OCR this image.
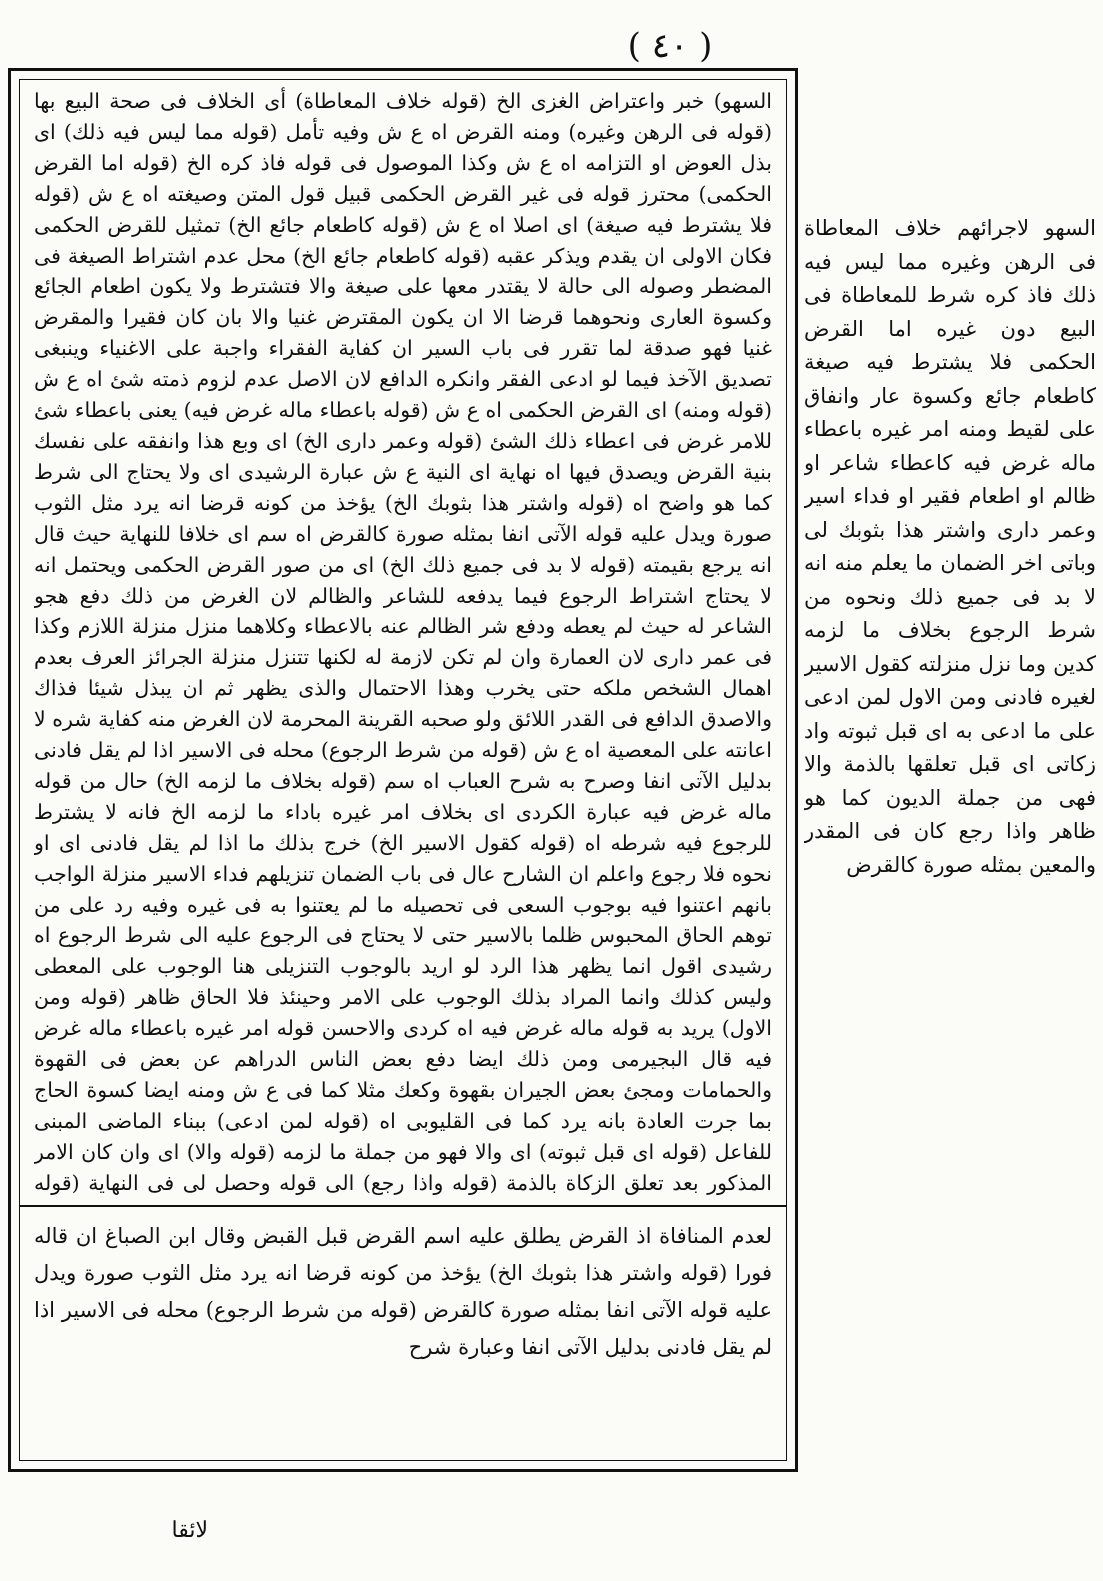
( ٤٠ )
السهو) خبر واعتراض الغزى الخ (قوله خلاف المعاطاة) أى الخلاف فى صحة البيع بها (قوله فى الرهن وغيره) ومنه القرض اه ع ش وفيه تأمل (قوله مما ليس فيه ذلك) اى بذل العوض او التزامه اه ع ش وكذا الموصول فى قوله فاذ كره الخ (قوله اما القرض الحكمى) محترز قوله فى غير القرض الحكمى قبيل قول المتن وصيغته اه ع ش (قوله فلا يشترط فيه صيغة) اى اصلا اه ع ش (قوله كاطعام جائع الخ) تمثيل للقرض الحكمى فكان الاولى ان يقدم ويذكر عقبه (قوله كاطعام جائع الخ) محل عدم اشتراط الصيغة فى المضطر وصوله الى حالة لا يقتدر معها على صيغة والا فتشترط ولا يكون اطعام الجائع وكسوة العارى ونحوهما قرضا الا ان يكون المقترض غنيا والا بان كان فقيرا والمقرض غنيا فهو صدقة لما تقرر فى باب السير ان كفاية الفقراء واجبة على الاغنياء وينبغى تصديق الآخذ فيما لو ادعى الفقر وانكره الدافع لان الاصل عدم لزوم ذمته شئ اه ع ش (قوله ومنه) اى القرض الحكمى اه ع ش (قوله باعطاء ماله غرض فيه) يعنى باعطاء شئ للامر غرض فى اعطاء ذلك الشئ (قوله وعمر دارى الخ) اى وبع هذا وانفقه على نفسك بنية القرض ويصدق فيها اه نهاية اى النية ع ش عبارة الرشيدى اى ولا يحتاج الى شرط كما هو واضح اه (قوله واشتر هذا بثوبك الخ) يؤخذ من كونه قرضا انه يرد مثل الثوب صورة ويدل عليه قوله الآتى انفا بمثله صورة كالقرض اه سم اى خلافا للنهاية حيث قال انه يرجع بقيمته (قوله لا بد فى جميع ذلك الخ) اى من صور القرض الحكمى ويحتمل انه لا يحتاج اشتراط الرجوع فيما يدفعه للشاعر والظالم لان الغرض من ذلك دفع هجو الشاعر له حيث لم يعطه ودفع شر الظالم عنه بالاعطاء وكلاهما منزل منزلة اللازم وكذا فى عمر دارى لان العمارة وان لم تكن لازمة له لكنها تتنزل منزلة الجرائز العرف بعدم اهمال الشخص ملكه حتى يخرب وهذا الاحتمال والذى يظهر ثم ان يبذل شيئا فذاك والاصدق الدافع فى القدر اللائق ولو صحبه القرينة المحرمة لان الغرض منه كفاية شره لا اعانته على المعصية اه ع ش (قوله من شرط الرجوع) محله فى الاسير اذا لم يقل فادنى بدليل الآتى انفا وصرح به شرح العباب اه سم (قوله بخلاف ما لزمه الخ) حال من قوله ماله غرض فيه عبارة الكردى اى بخلاف امر غيره باداء ما لزمه الخ فانه لا يشترط للرجوع فيه شرطه اه (قوله كقول الاسير الخ) خرج بذلك ما اذا لم يقل فادنى اى او نحوه فلا رجوع واعلم ان الشارح عال فى باب الضمان تنزيلهم فداء الاسير منزلة الواجب بانهم اعتنوا فيه بوجوب السعى فى تحصيله ما لم يعتنوا به فى غيره وفيه رد على من توهم الحاق المحبوس ظلما بالاسير حتى لا يحتاج فى الرجوع عليه الى شرط الرجوع اه رشيدى اقول انما يظهر هذا الرد لو اريد بالوجوب التنزيلى هنا الوجوب على المعطى وليس كذلك وانما المراد بذلك الوجوب على الامر وحينئذ فلا الحاق ظاهر (قوله ومن الاول) يريد به قوله ماله غرض فيه اه كردى والاحسن قوله امر غيره باعطاء ماله غرض فيه قال البجيرمى ومن ذلك ايضا دفع بعض الناس الدراهم عن بعض فى القهوة والحمامات ومجئ بعض الجيران بقهوة وكعك مثلا كما فى ع ش ومنه ايضا كسوة الحاج بما جرت العادة بانه يرد كما فى القليوبى اه (قوله لمن ادعى) ببناء الماضى المبنى للفاعل (قوله اى قبل ثبوته) اى والا فهو من جملة ما لزمه (قوله والا) اى وان كان الامر المذكور بعد تعلق الزكاة بالذمة (قوله واذا رجع) الى قوله وحصل لى فى النهاية (قوله
لعدم المنافاة اذ القرض يطلق عليه اسم القرض قبل القبض وقال ابن الصباغ ان قاله فورا (قوله واشتر هذا بثوبك الخ) يؤخذ من كونه قرضا انه يرد مثل الثوب صورة ويدل عليه قوله الآتى انفا بمثله صورة كالقرض (قوله من شرط الرجوع) محله فى الاسير اذا لم يقل فادنى بدليل الآتى انفا وعبارة شرح
السهو لاجرائهم خلاف المعاطاة فى الرهن وغيره مما ليس فيه ذلك فاذ كره شرط للمعاطاة فى البيع دون غيره اما القرض الحكمى فلا يشترط فيه صيغة كاطعام جائع وكسوة عار وانفاق على لقيط ومنه امر غيره باعطاء ماله غرض فيه كاعطاء شاعر او ظالم او اطعام فقير او فداء اسير وعمر دارى واشتر هذا بثوبك لى وباتى اخر الضمان ما يعلم منه انه لا بد فى جميع ذلك ونحوه من شرط الرجوع بخلاف ما لزمه كدين وما نزل منزلته كقول الاسير لغيره فادنى ومن الاول لمن ادعى على ما ادعى به اى قبل ثبوته واد زكاتى اى قبل تعلقها بالذمة والا فهى من جملة الديون كما هو ظاهر واذا رجع كان فى المقدر والمعين بمثله صورة كالقرض
لائقا
